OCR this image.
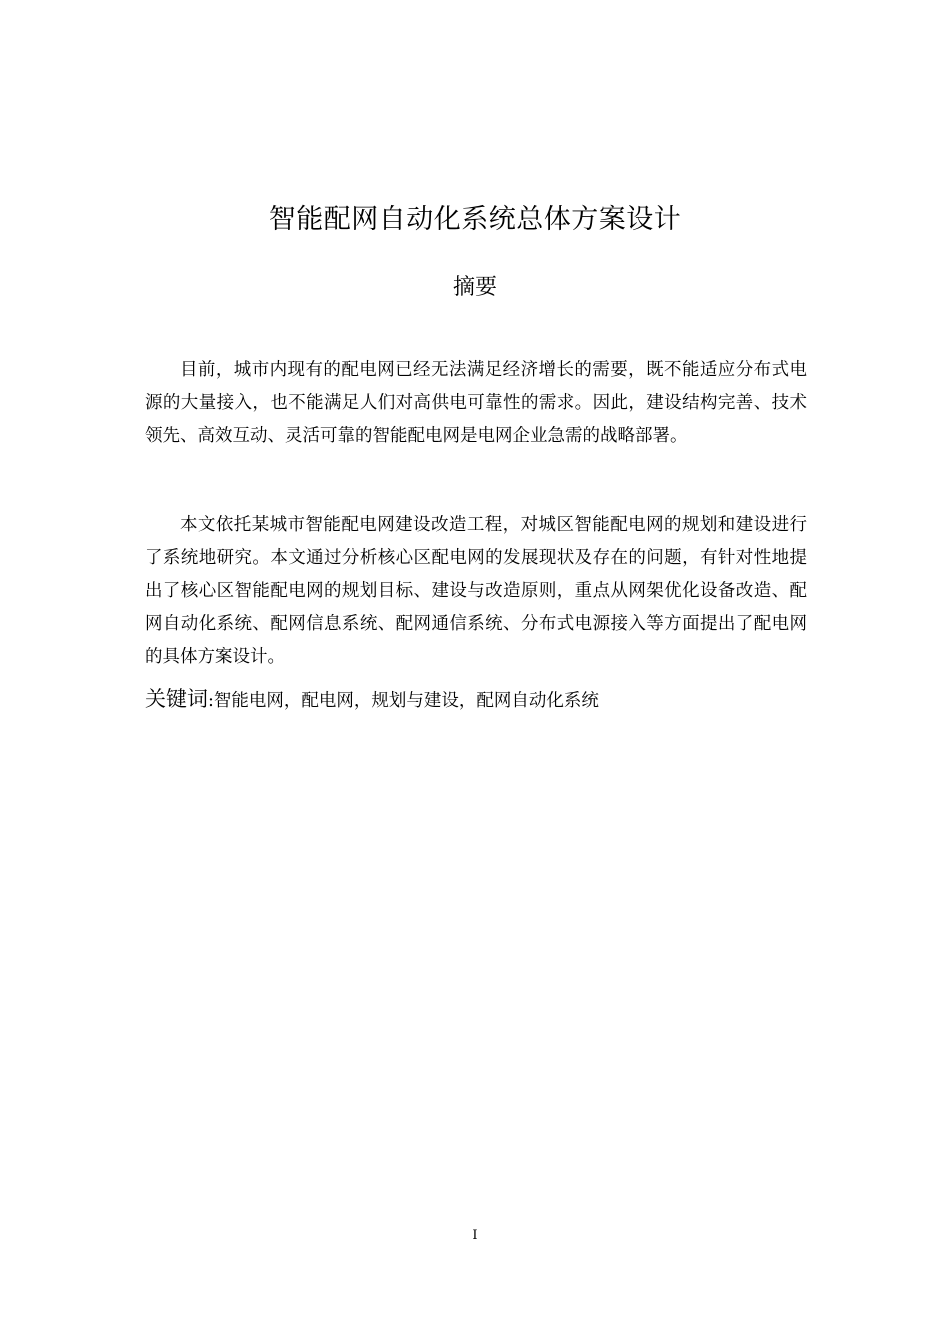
智能配网自动化系统总体方案设计
摘要

目前，城市内现有的配电网已经无法满足经济增长的需要，既不能适应分布式电源的大量接入，也不能满足人们对高供电可靠性的需求。因此，建设结构完善、技术领先、高效互动、灵活可靠的智能配电网是电网企业急需的战略部署。

本文依托某城市智能配电网建设改造工程，对城区智能配电网的规划和建设进行了系统地研究。本文通过分析核心区配电网的发展现状及存在的问题，有针对性地提出了核心区智能配电网的规划目标、建设与改造原则，重点从网架优化设备改造、配网自动化系统、配网信息系统、配网通信系统、分布式电源接入等方面提出了配电网的具体方案设计。

关键词:智能电网，配电网，规划与建设，配网自动化系统
I
